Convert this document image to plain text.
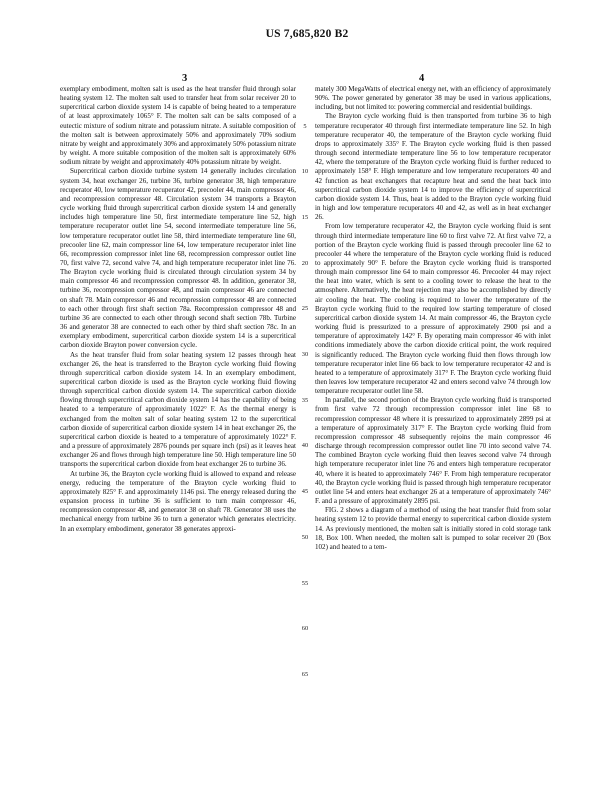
US 7,685,820 B2
3	4

exemplary embodiment, molten salt is used as the heat transfer fluid through solar heating system 12. The molten salt used to transfer heat from solar receiver 20 to supercritical carbon dioxide system 14 is capable of being heated to a temperature of at least approximately 1065° F. The molten salt can be salts composed of a eutectic mixture of sodium nitrate and potassium nitrate. A suitable composition of the molten salt is between approximately 50% and approximately 70% sodium nitrate by weight and approximately 30% and approximately 50% potassium nitrate by weight. A more suitable composition of the molten salt is approximately 60% sodium nitrate by weight and approximately 40% potassium nitrate by weight.

Supercritical carbon dioxide turbine system 14 generally includes circulation system 34, heat exchanger 26, turbine 36, turbine generator 38, high temperature recuperator 40, low temperature recuperator 42, precooler 44, main compressor 46, and recompression compressor 48. Circulation system 34 transports a Brayton cycle working fluid through supercritical carbon dioxide system 14 and generally includes high temperature line 50, first intermediate temperature line 52, high temperature recuperator outlet line 54, second intermediate temperature line 56, low temperature recuperator outlet line 58, third intermediate temperature line 60, precooler line 62, main compressor line 64, low temperature recuperator inlet line 66, recompression compressor inlet line 68, recompression compressor outlet line 70, first valve 72, second valve 74, and high temperature recuperator inlet line 76. The Brayton cycle working fluid is circulated through circulation system 34 by main compressor 46 and recompression compressor 48. In addition, generator 38, turbine 36, recompression compressor 48, and main compressor 46 are connected on shaft 78. Main compressor 46 and recompression compressor 48 are connected to each other through first shaft section 78a. Recompression compressor 48 and turbine 36 are connected to each other through second shaft section 78b. Turbine 36 and generator 38 are connected to each other by third shaft section 78c. In an exemplary embodiment, supercritical carbon dioxide system 14 is a supercritical carbon dioxide Brayton power conversion cycle.

As the heat transfer fluid from solar heating system 12 passes through heat exchanger 26, the heat is transferred to the Brayton cycle working fluid flowing through supercritical carbon dioxide system 14. In an exemplary embodiment, supercritical carbon dioxide is used as the Brayton cycle working fluid flowing through supercritical carbon dioxide system 14. The supercritical carbon dioxide flowing through supercritical carbon dioxide system 14 has the capability of being heated to a temperature of approximately 1022° F. As the thermal energy is exchanged from the molten salt of solar heating system 12 to the supercritical carbon dioxide of supercritical carbon dioxide system 14 in heat exchanger 26, the supercritical carbon dioxide is heated to a temperature of approximately 1022° F. and a pressure of approximately 2876 pounds per square inch (psi) as it leaves heat exchanger 26 and flows through high temperature line 50. High temperature line 50 transports the supercritical carbon dioxide from heat exchanger 26 to turbine 36.

At turbine 36, the Brayton cycle working fluid is allowed to expand and release energy, reducing the temperature of the Brayton cycle working fluid to approximately 825° F. and approximately 1146 psi. The energy released during the expansion process in turbine 36 is sufficient to turn main compressor 46, recompression compressor 48, and generator 38 on shaft 78. Generator 38 uses the mechanical energy from turbine 36 to turn a generator which generates electricity. In an exemplary embodiment, generator 38 generates approxi-

5
10
15
20
25
30
35
40
45
50
55
60
65

mately 300 MegaWatts of electrical energy net, with an efficiency of approximately 90%. The power generated by generator 38 may be used in various applications, including, but not limited to: powering commercial and residential buildings.

The Brayton cycle working fluid is then transported from turbine 36 to high temperature recuperator 40 through first intermediate temperature line 52. In high temperature recuperator 40, the temperature of the Brayton cycle working fluid drops to approximately 335° F. The Brayton cycle working fluid is then passed through second intermediate temperature line 56 to low temperature recuperator 42, where the temperature of the Brayton cycle working fluid is further reduced to approximately 158° F. High temperature and low temperature recuperators 40 and 42 function as heat exchangers that recapture heat and send the heat back into supercritical carbon dioxide system 14 to improve the efficiency of supercritical carbon dioxide system 14. Thus, heat is added to the Brayton cycle working fluid in high and low temperature recuperators 40 and 42, as well as in heat exchanger 26.

From low temperature recuperator 42, the Brayton cycle working fluid is sent through third intermediate temperature line 60 to first valve 72. At first valve 72, a portion of the Brayton cycle working fluid is passed through precooler line 62 to precooler 44 where the temperature of the Brayton cycle working fluid is reduced to approximately 90° F. before the Brayton cycle working fluid is transported through main compressor line 64 to main compressor 46. Precooler 44 may reject the heat into water, which is sent to a cooling tower to release the heat to the atmosphere. Alternatively, the heat rejection may also be accomplished by directly air cooling the heat. The cooling is required to lower the temperature of the Brayton cycle working fluid to the required low starting temperature of closed supercritical carbon dioxide system 14. At main compressor 46, the Brayton cycle working fluid is pressurized to a pressure of approximately 2900 psi and a temperature of approximately 142° F. By operating main compressor 46 with inlet conditions immediately above the carbon dioxide critical point, the work required is significantly reduced. The Brayton cycle working fluid then flows through low temperature recuperator inlet line 66 back to low temperature recuperator 42 and is heated to a temperature of approximately 317° F. The Brayton cycle working fluid then leaves low temperature recuperator 42 and enters second valve 74 through low temperature recuperator outlet line 58.

In parallel, the second portion of the Brayton cycle working fluid is transported from first valve 72 through recompression compressor inlet line 68 to recompression compressor 48 where it is pressurized to approximately 2899 psi at a temperature of approximately 317° F. The Brayton cycle working fluid from recompression compressor 48 subsequently rejoins the main compressor 46 discharge through recompression compressor outlet line 70 into second valve 74. The combined Brayton cycle working fluid then leaves second valve 74 through high temperature recuperator inlet line 76 and enters high temperature recuperator 40, where it is heated to approximately 746° F. From high temperature recuperator 40, the Brayton cycle working fluid is passed through high temperature recuperator outlet line 54 and enters heat exchanger 26 at a temperature of approximately 746° F. and a pressure of approximately 2895 psi.

FIG. 2 shows a diagram of a method of using the heat transfer fluid from solar heating system 12 to provide thermal energy to supercritical carbon dioxide system 14. As previously mentioned, the molten salt is initially stored in cold storage tank 18, Box 100. When needed, the molten salt is pumped to solar receiver 20 (Box 102) and heated to a tem-
